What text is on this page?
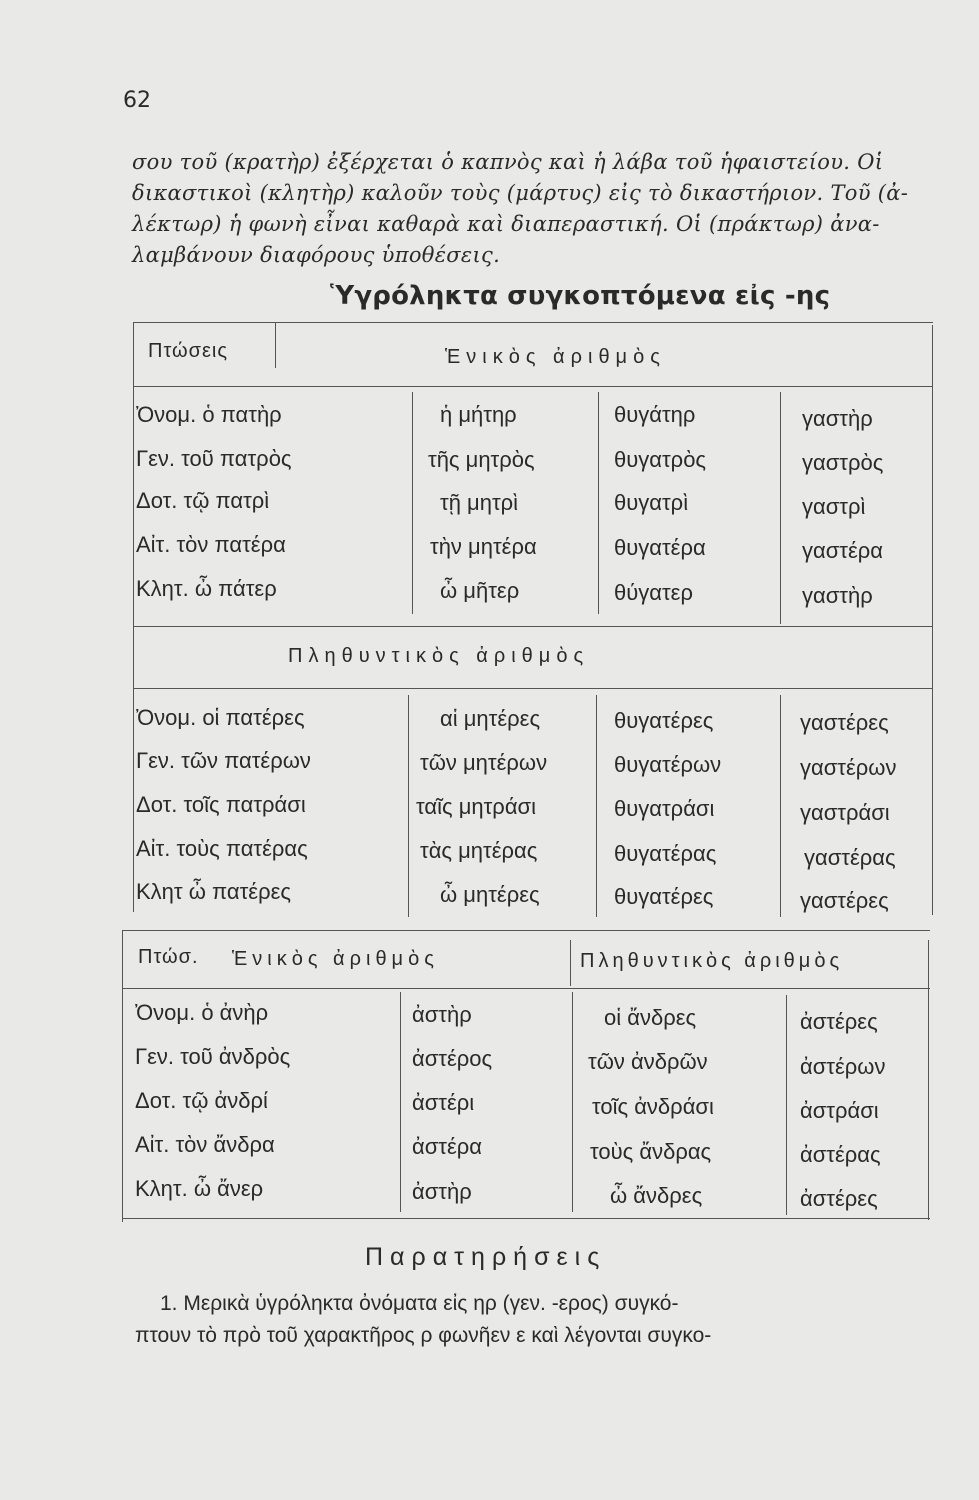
62
σου τοῦ (κρατὴρ) ἐξέρχεται ὁ καπνὸς καὶ ἡ λάβα τοῦ ἡφαιστείου. Οἱ
δικαστικοὶ (κλητὴρ) καλοῦν τοὺς (μάρτυς) εἰς τὸ δικαστήριον. Τοῦ (ἀ-
λέκτωρ) ἡ φωνὴ εἶναι καθαρὰ καὶ διαπεραστική. Οἱ (πράκτωρ) ἀνα-
λαμβάνουν διαφόρους ὑποθέσεις.
Ὑγρόληκτα συγκοπτόμενα εἰς -ης
Πτώσεις	Ἑνικὸς ἀριθμὸς
Ὀνομ. ὁ πατὴρ	ἡ μήτηρ	θυγάτηρ	γαστὴρ
Γεν. τοῦ πατρὸς	τῆς μητρὸς	θυγατρὸς	γαστρὸς
Δοτ. τῷ πατρὶ	τῇ μητρὶ	θυγατρὶ	γαστρὶ
Αἰτ. τὸν πατέρα	τὴν μητέρα	θυγατέρα	γαστέρα
Κλητ. ὦ πάτερ	ὦ μῆτερ	θύγατερ	γαστὴρ
Πληθυντικὸς ἀριθμὸς
Ὀνομ. οἱ πατέρες	αἱ μητέρες	θυγατέρες	γαστέρες
Γεν. τῶν πατέρων	τῶν μητέρων	θυγατέρων	γαστέρων
Δοτ. τοῖς πατράσι	ταῖς μητράσι	θυγατράσι	γαστράσι
Αἰτ. τοὺς πατέρας	τὰς μητέρας	θυγατέρας	γαστέρας
Κλητ ὦ πατέρες	ὦ μητέρες	θυγατέρες	γαστέρες
Πτώσ. Ἑνικὸς ἀριθμὸς	Πληθυντικὸς ἀριθμὸς
Ὀνομ. ὁ ἀνὴρ	ἀστὴρ	οἱ ἄνδρες	ἀστέρες
Γεν. τοῦ ἀνδρὸς	ἀστέρος	τῶν ἀνδρῶν	ἀστέρων
Δοτ. τῷ ἀνδρί	ἀστέρι	τοῖς ἀνδράσι	ἀστράσι
Αἰτ. τὸν ἄνδρα	ἀστέρα	τοὺς ἄνδρας	ἀστέρας
Κλητ. ὦ ἄνερ	ἀστὴρ	ὦ ἄνδρες	ἀστέρες
Παρατηρήσεις
1. Μερικὰ ὑγρόληκτα ὀνόματα εἰς ηρ (γεν. -ερος) συγκό-
πτουν τὸ πρὸ τοῦ χαρακτῆρος ρ φωνῆεν ε καὶ λέγονται συγκο-
